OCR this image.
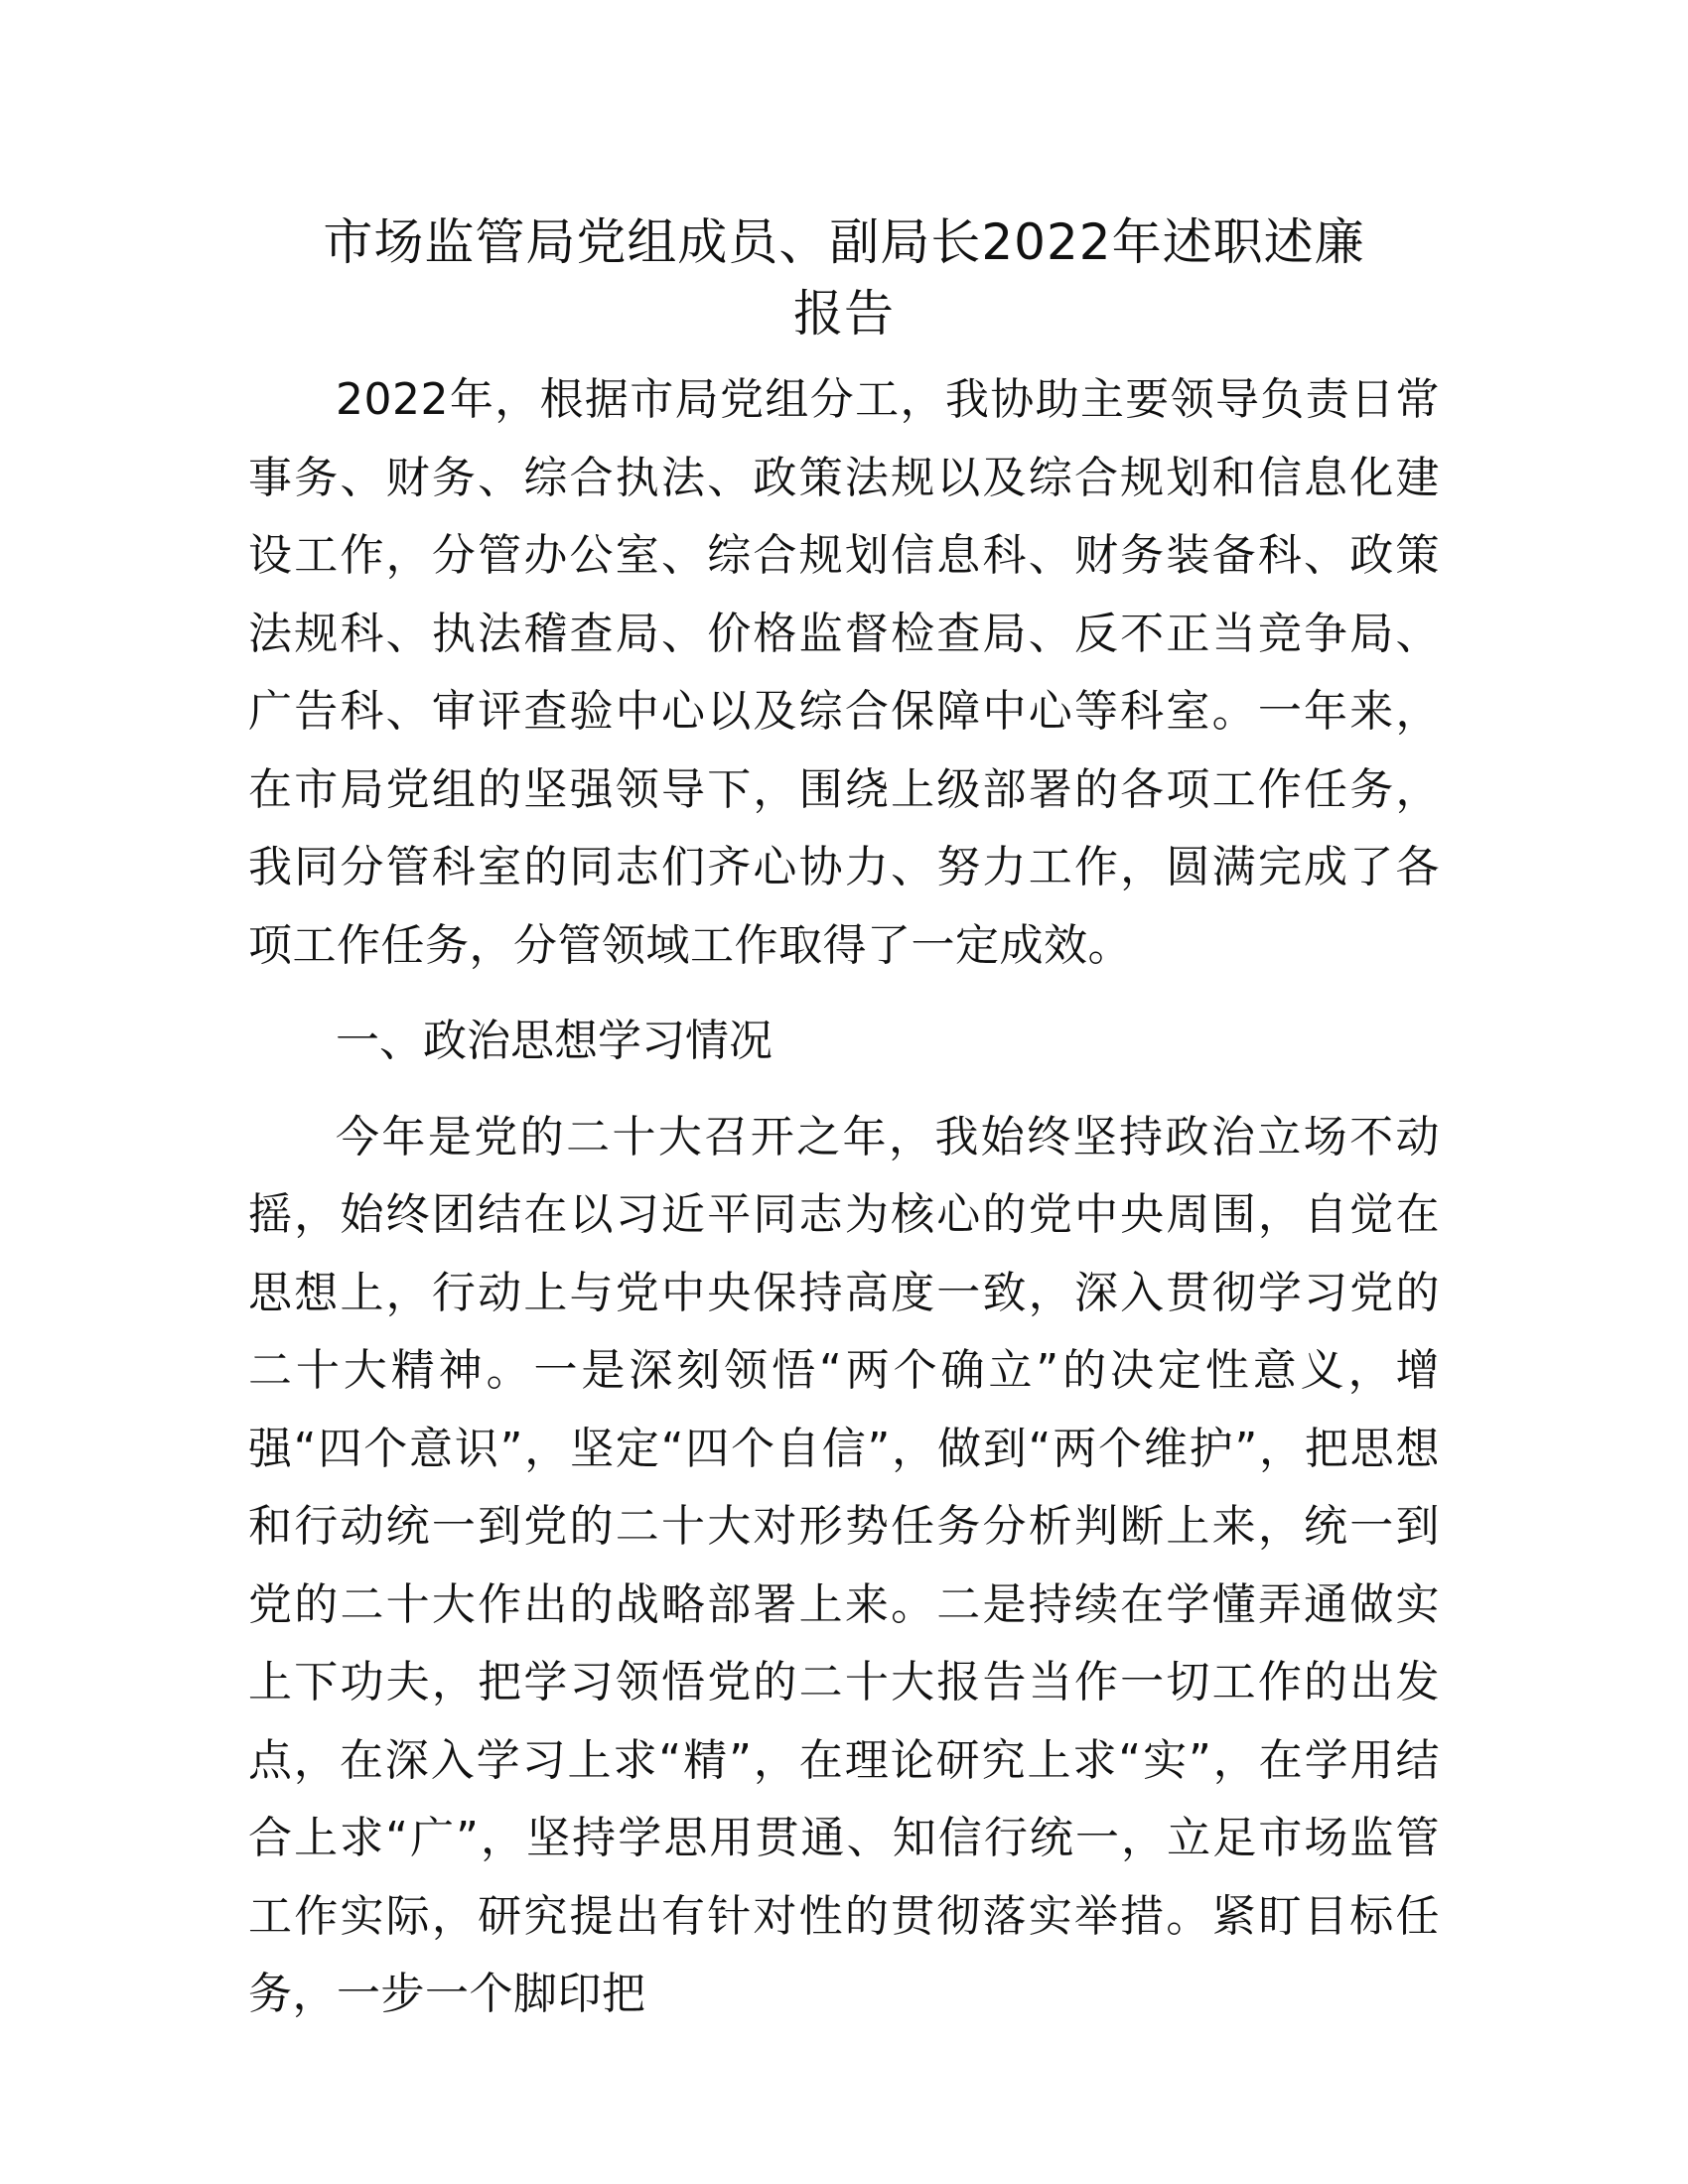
市场监管局党组成员、副局长2022年述职述廉
报告

2022年，根据市局党组分工，我协助主要领导负责日常事务、财务、综合执法、政策法规以及综合规划和信息化建设工作，分管办公室、综合规划信息科、财务装备科、政策法规科、执法稽查局、价格监督检查局、反不正当竞争局、广告科、审评查验中心以及综合保障中心等科室。一年来，在市局党组的坚强领导下，围绕上级部署的各项工作任务，我同分管科室的同志们齐心协力、努力工作，圆满完成了各项工作任务，分管领域工作取得了一定成效。

一、政治思想学习情况

今年是党的二十大召开之年，我始终坚持政治立场不动摇，始终团结在以习近平同志为核心的党中央周围，自觉在思想上，行动上与党中央保持高度一致，深入贯彻学习党的二十大精神。一是深刻领悟“两个确立”的决定性意义，增强“四个意识”，坚定“四个自信”，做到“两个维护”，把思想和行动统一到党的二十大对形势任务分析判断上来，统一到党的二十大作出的战略部署上来。二是持续在学懂弄通做实上下功夫，把学习领悟党的二十大报告当作一切工作的出发点，在深入学习上求“精”，在理论研究上求“实”，在学用结合上求“广”，坚持学思用贯通、知信行统一，立足市场监管工作实际，研究提出有针对性的贯彻落实举措。紧盯目标任务，一步一个脚印把
